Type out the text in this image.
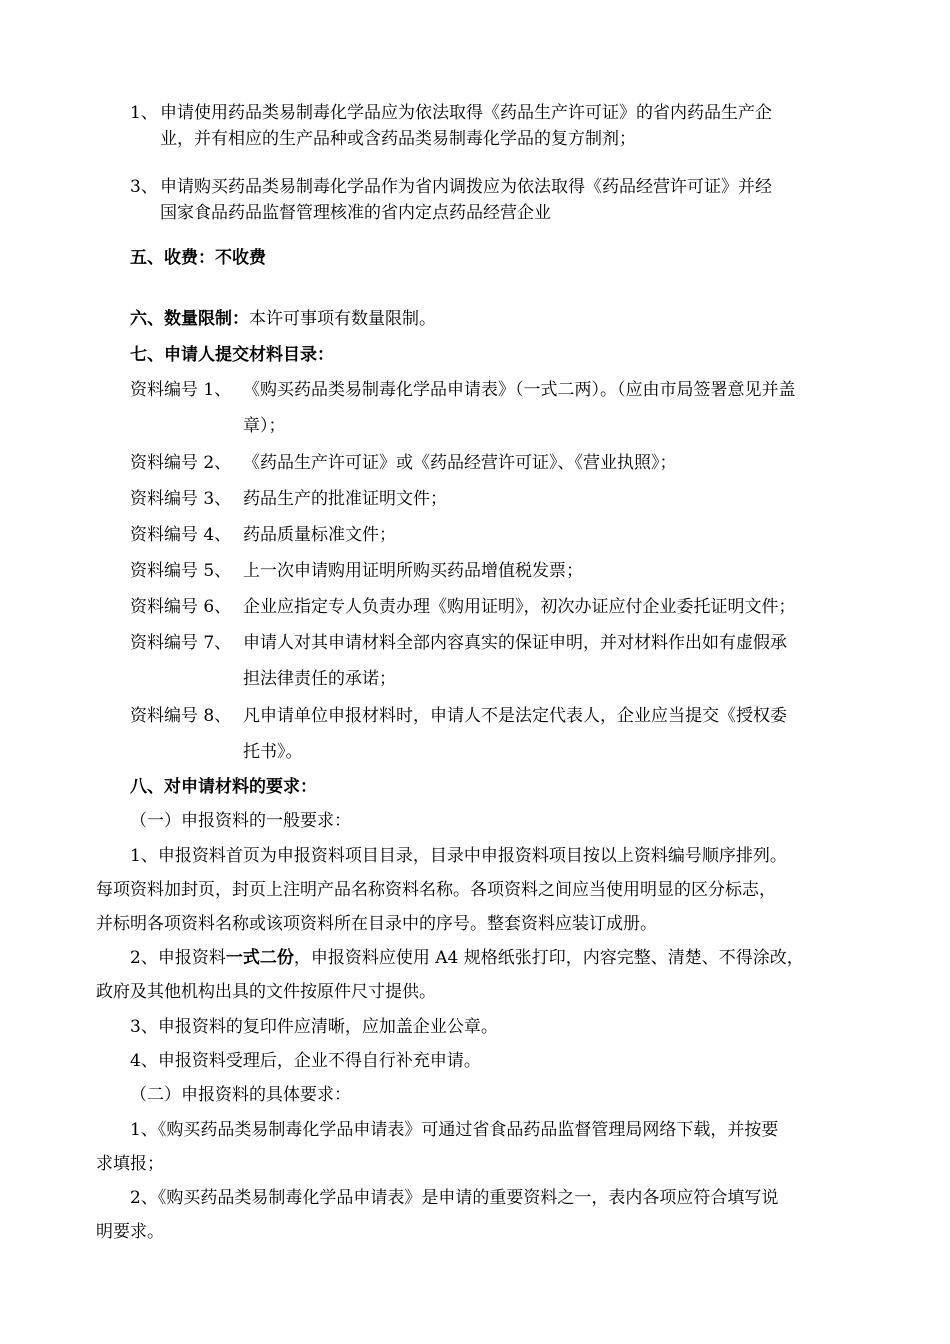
1、 申请使用药品类易制毒化学品应为依法取得《药品生产许可证》的省内药品生产企
业，并有相应的生产品种或含药品类易制毒化学品的复方制剂；
3、 申请购买药品类易制毒化学品作为省内调拨应为依法取得《药品经营许可证》并经
国家食品药品监督管理核准的省内定点药品经营企业
五、收费：不收费
六、数量限制：本许可事项有数量限制。
七、申请人提交材料目录：
资料编号 1、 《购买药品类易制毒化学品申请表》（一式二两）。（应由市局签署意见并盖
章）；
资料编号 2、 《药品生产许可证》或《药品经营许可证》、《营业执照》；
资料编号 3、 药品生产的批准证明文件；
资料编号 4、 药品质量标准文件；
资料编号 5、 上一次申请购用证明所购买药品增值税发票；
资料编号 6、 企业应指定专人负责办理《购用证明》，初次办证应付企业委托证明文件；
资料编号 7、 申请人对其申请材料全部内容真实的保证申明，并对材料作出如有虚假承
担法律责任的承诺；
资料编号 8、 凡申请单位申报材料时，申请人不是法定代表人，企业应当提交《授权委
托书》。
八、对申请材料的要求：
（一）申报资料的一般要求：
1、申报资料首页为申报资料项目目录，目录中申报资料项目按以上资料编号顺序排列。
每项资料加封页，封页上注明产品名称资料名称。各项资料之间应当使用明显的区分标志，
并标明各项资料名称或该项资料所在目录中的序号。整套资料应装订成册。
2、申报资料一式二份，申报资料应使用 A4 规格纸张打印，内容完整、清楚、不得涂改，
政府及其他机构出具的文件按原件尺寸提供。
3、申报资料的复印件应清晰，应加盖企业公章。
4、申报资料受理后，企业不得自行补充申请。
（二）申报资料的具体要求：
1、《购买药品类易制毒化学品申请表》可通过省食品药品监督管理局网络下载，并按要
求填报；
2、《购买药品类易制毒化学品申请表》是申请的重要资料之一，表内各项应符合填写说
明要求。
